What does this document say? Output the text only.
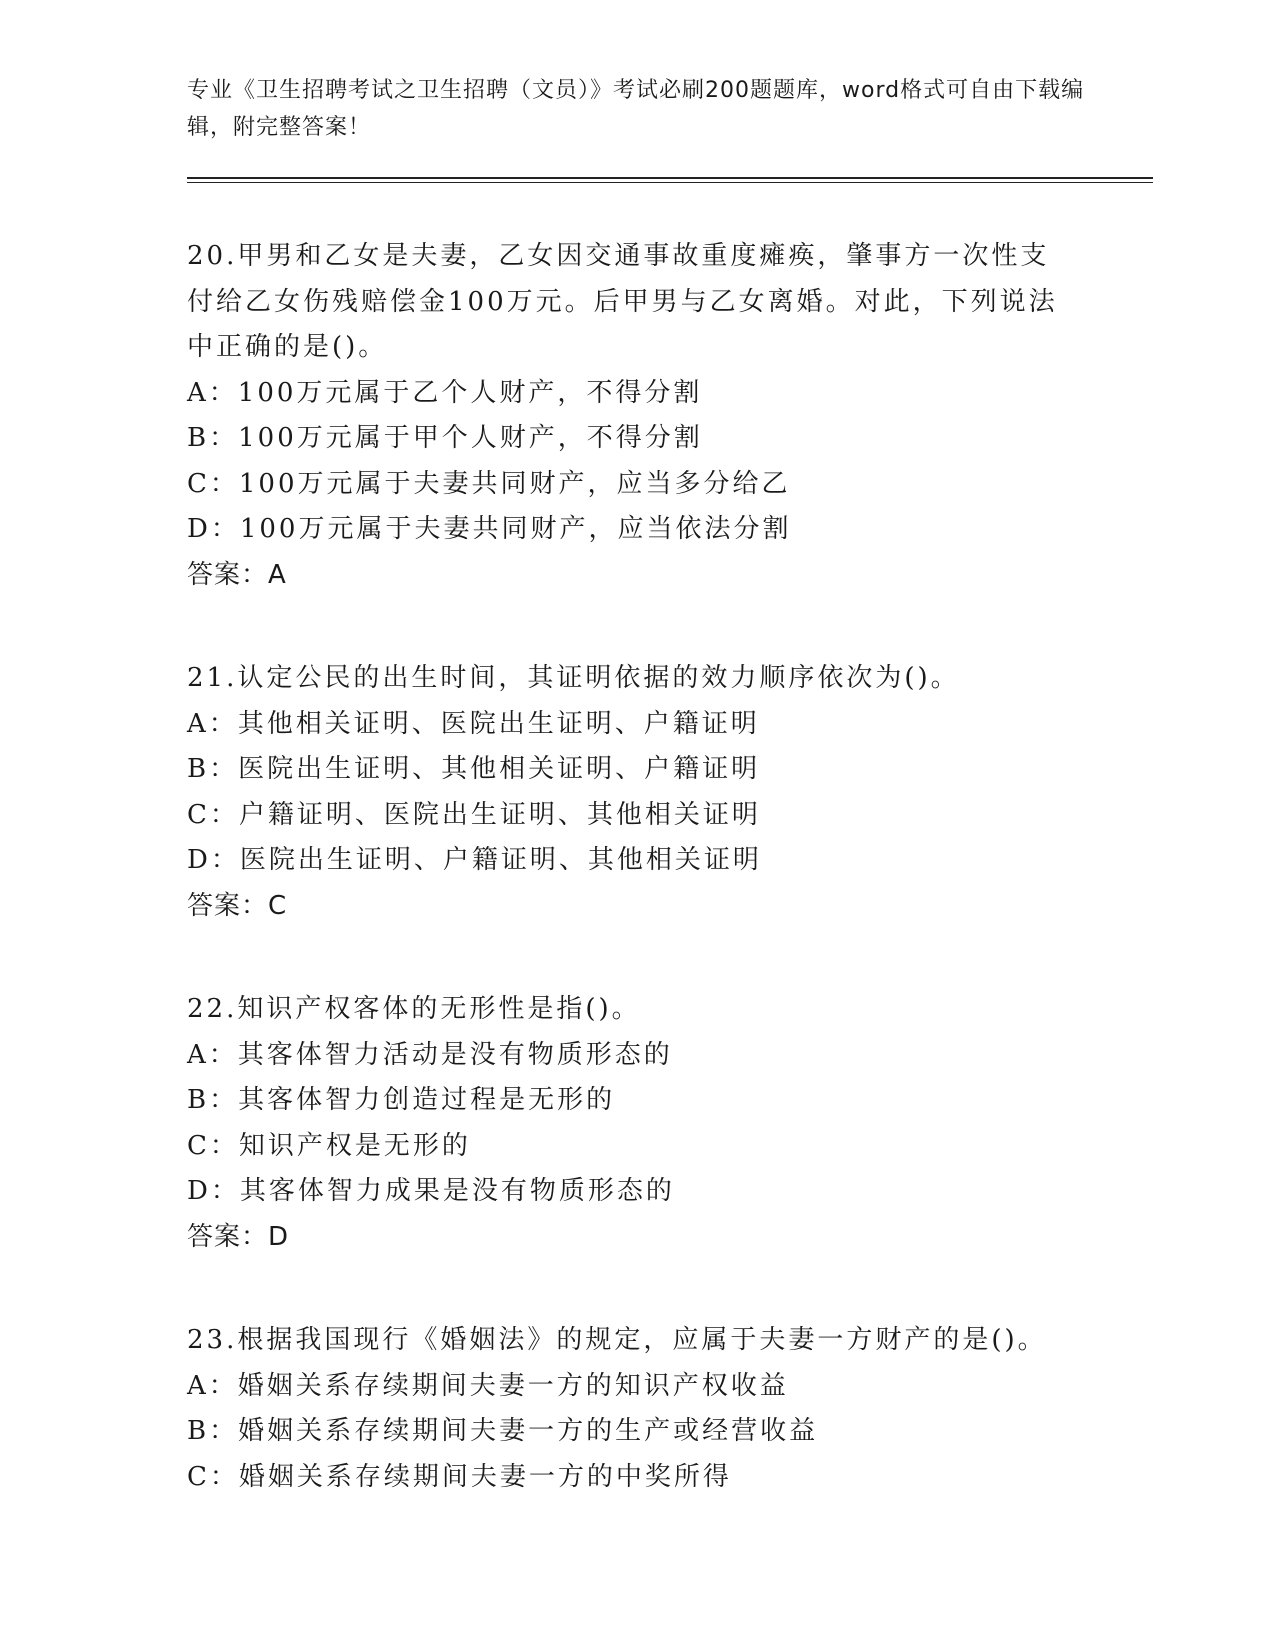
专业《卫生招聘考试之卫生招聘（文员）》考试必刷200题题库，word格式可自由下载编辑，附完整答案！

20.甲男和乙女是夫妻，乙女因交通事故重度瘫痪，肇事方一次性支付给乙女伤残赔偿金100万元。后甲男与乙女离婚。对此，下列说法中正确的是()。

A：100万元属于乙个人财产，不得分割

B：100万元属于甲个人财产，不得分割

C：100万元属于夫妻共同财产，应当多分给乙

D：100万元属于夫妻共同财产，应当依法分割

答案：A

21.认定公民的出生时间，其证明依据的效力顺序依次为()。

A：其他相关证明、医院出生证明、户籍证明

B：医院出生证明、其他相关证明、户籍证明

C：户籍证明、医院出生证明、其他相关证明

D：医院出生证明、户籍证明、其他相关证明

答案：C

22.知识产权客体的无形性是指()。

A：其客体智力活动是没有物质形态的

B：其客体智力创造过程是无形的

C：知识产权是无形的

D：其客体智力成果是没有物质形态的

答案：D

23.根据我国现行《婚姻法》的规定，应属于夫妻一方财产的是()。

A：婚姻关系存续期间夫妻一方的知识产权收益

B：婚姻关系存续期间夫妻一方的生产或经营收益

C：婚姻关系存续期间夫妻一方的中奖所得
